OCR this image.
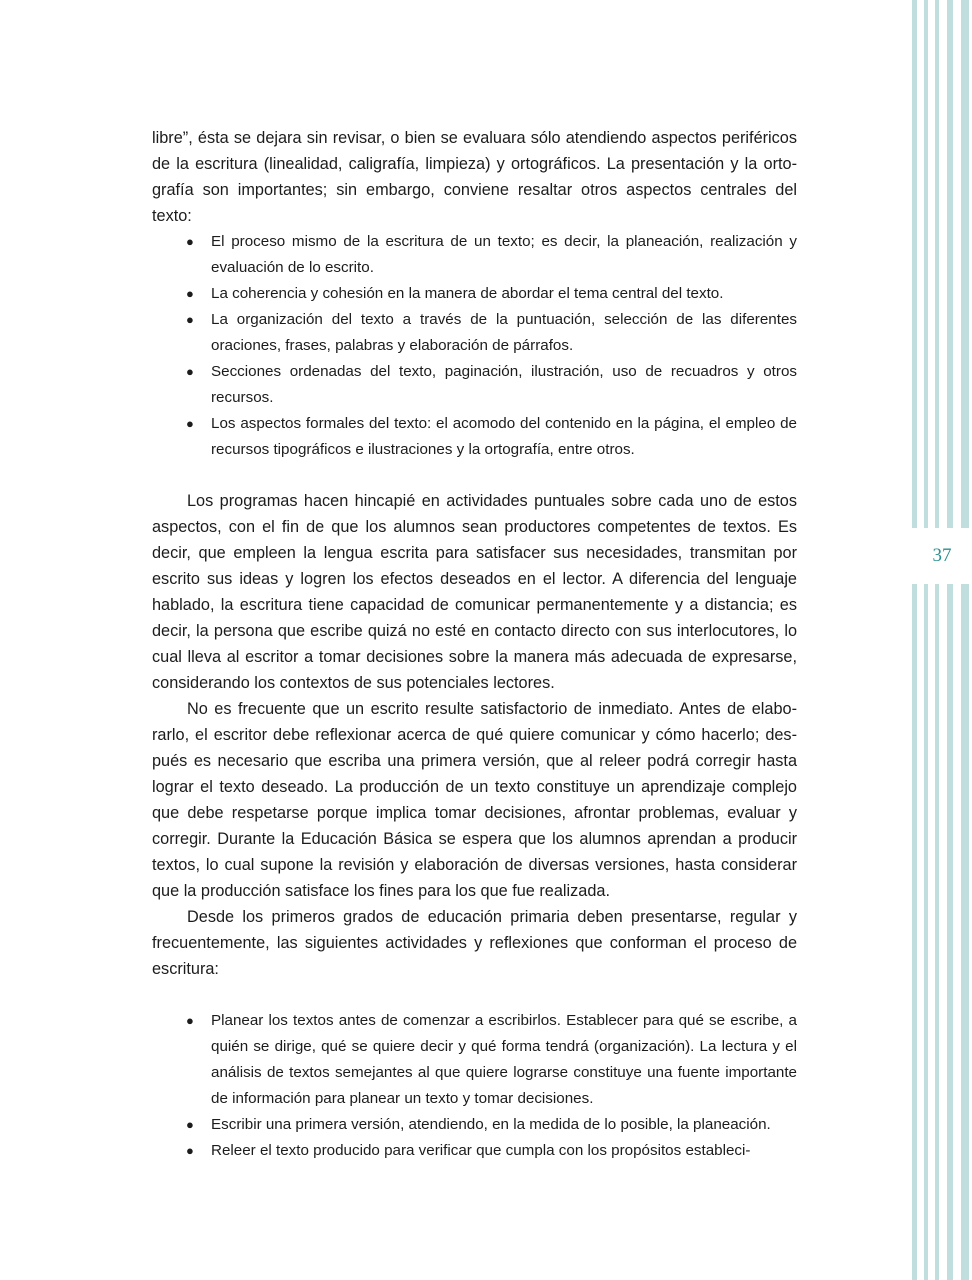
37

libre”, ésta se dejara sin revisar, o bien se evaluara sólo atendiendo aspectos periféricos de la escritura (linealidad, caligrafía, limpieza) y ortográficos. La presentación y la ortografía son importantes; sin embargo, conviene resaltar otros aspectos centrales del texto:

● El proceso mismo de la escritura de un texto; es decir, la planeación, realización y evaluación de lo escrito.
● La coherencia y cohesión en la manera de abordar el tema central del texto.
● La organización del texto a través de la puntuación, selección de las diferentes oraciones, frases, palabras y elaboración de párrafos.
● Secciones ordenadas del texto, paginación, ilustración, uso de recuadros y otros recursos.
● Los aspectos formales del texto: el acomodo del contenido en la página, el empleo de recursos tipográficos e ilustraciones y la ortografía, entre otros.

Los programas hacen hincapié en actividades puntuales sobre cada uno de estos aspectos, con el fin de que los alumnos sean productores competentes de textos. Es decir, que empleen la lengua escrita para satisfacer sus necesidades, transmitan por escrito sus ideas y logren los efectos deseados en el lector. A diferencia del lenguaje hablado, la escritura tiene capacidad de comunicar permanentemente y a distancia; es decir, la persona que escribe quizá no esté en contacto directo con sus interlocutores, lo cual lleva al escritor a tomar decisiones sobre la manera más adecuada de expresarse, considerando los contextos de sus potenciales lectores.

No es frecuente que un escrito resulte satisfactorio de inmediato. Antes de elaborarlo, el escritor debe reflexionar acerca de qué quiere comunicar y cómo hacerlo; después es necesario que escriba una primera versión, que al releer podrá corregir hasta lograr el texto deseado. La producción de un texto constituye un aprendizaje complejo que debe respetarse porque implica tomar decisiones, afrontar problemas, evaluar y corregir. Durante la Educación Básica se espera que los alumnos aprendan a producir textos, lo cual supone la revisión y elaboración de diversas versiones, hasta considerar que la producción satisface los fines para los que fue realizada.

Desde los primeros grados de educación primaria deben presentarse, regular y frecuentemente, las siguientes actividades y reflexiones que conforman el proceso de escritura:

● Planear los textos antes de comenzar a escribirlos. Establecer para qué se escribe, a quién se dirige, qué se quiere decir y qué forma tendrá (organización). La lectura y el análisis de textos semejantes al que quiere lograrse constituye una fuente importante de información para planear un texto y tomar decisiones.
● Escribir una primera versión, atendiendo, en la medida de lo posible, la planeación.
● Releer el texto producido para verificar que cumpla con los propósitos estableci-
